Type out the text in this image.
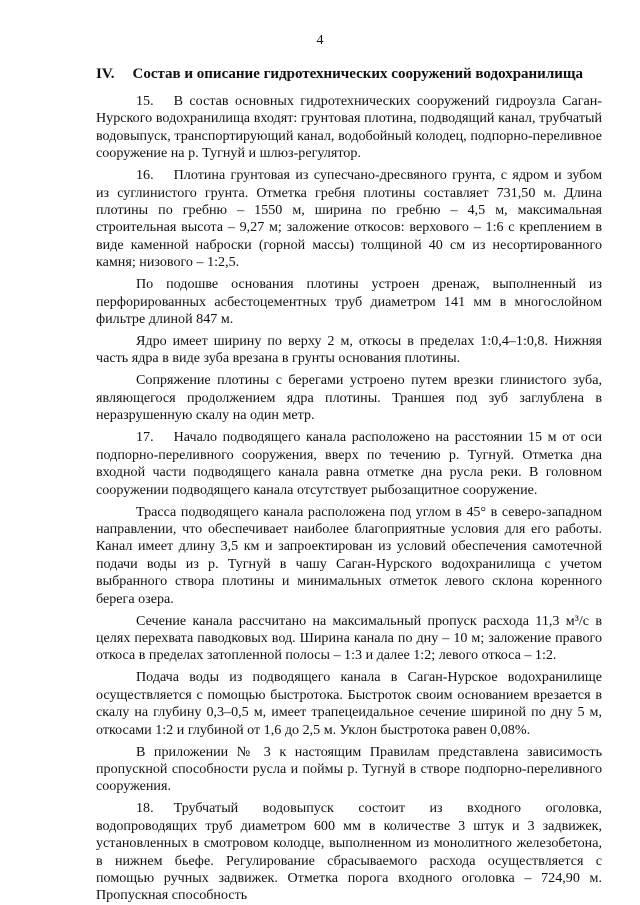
4
IV. Состав и описание гидротехнических сооружений водохранилища

15. В состав основных гидротехнических сооружений гидроузла Саган-Нурского водохранилища входят: грунтовая плотина, подводящий канал, трубчатый водовыпуск, транспортирующий канал, водобойный колодец, подпорно-переливное сооружение на р. Тугнуй и шлюз-регулятор.

16. Плотина грунтовая из супесчано-дресвяного грунта, с ядром и зубом из суглинистого грунта. Отметка гребня плотины составляет 731,50 м. Длина плотины по гребню – 1550 м, ширина по гребню – 4,5 м, максимальная строительная высота – 9,27 м; заложение откосов: верхового – 1:6 с креплением в виде каменной наброски (горной массы) толщиной 40 см из несортированного камня; низового – 1:2,5.

По подошве основания плотины устроен дренаж, выполненный из перфорированных асбестоцементных труб диаметром 141 мм в многослойном фильтре длиной 847 м.

Ядро имеет ширину по верху 2 м, откосы в пределах 1:0,4–1:0,8. Нижняя часть ядра в виде зуба врезана в грунты основания плотины.

Сопряжение плотины с берегами устроено путем врезки глинистого зуба, являющегося продолжением ядра плотины. Траншея под зуб заглублена в неразрушенную скалу на один метр.

17. Начало подводящего канала расположено на расстоянии 15 м от оси подпорно-переливного сооружения, вверх по течению р. Тугнуй. Отметка дна входной части подводящего канала равна отметке дна русла реки. В головном сооружении подводящего канала отсутствует рыбозащитное сооружение.

Трасса подводящего канала расположена под углом в 45° в северо-западном направлении, что обеспечивает наиболее благоприятные условия для его работы. Канал имеет длину 3,5 км и запроектирован из условий обеспечения самотечной подачи воды из р. Тугнуй в чашу Саган-Нурского водохранилища с учетом выбранного створа плотины и минимальных отметок левого склона коренного берега озера.

Сечение канала рассчитано на максимальный пропуск расхода 11,3 м³/с в целях перехвата паводковых вод. Ширина канала по дну – 10 м; заложение правого откоса в пределах затопленной полосы – 1:3 и далее 1:2; левого откоса – 1:2.

Подача воды из подводящего канала в Саган-Нурское водохранилище осуществляется с помощью быстротока. Быстроток своим основанием врезается в скалу на глубину 0,3–0,5 м, имеет трапецеидальное сечение шириной по дну 5 м, откосами 1:2 и глубиной от 1,6 до 2,5 м. Уклон быстротока равен 0,08%.

В приложении № 3 к настоящим Правилам представлена зависимость пропускной способности русла и поймы р. Тугнуй в створе подпорно-переливного сооружения.

18. Трубчатый водовыпуск состоит из входного оголовка, водопроводящих труб диаметром 600 мм в количестве 3 штук и 3 задвижек, установленных в смотровом колодце, выполненном из монолитного железобетона, в нижнем бьефе. Регулирование сбрасываемого расхода осуществляется с помощью ручных задвижек. Отметка порога входного оголовка – 724,90 м. Пропускная способность
